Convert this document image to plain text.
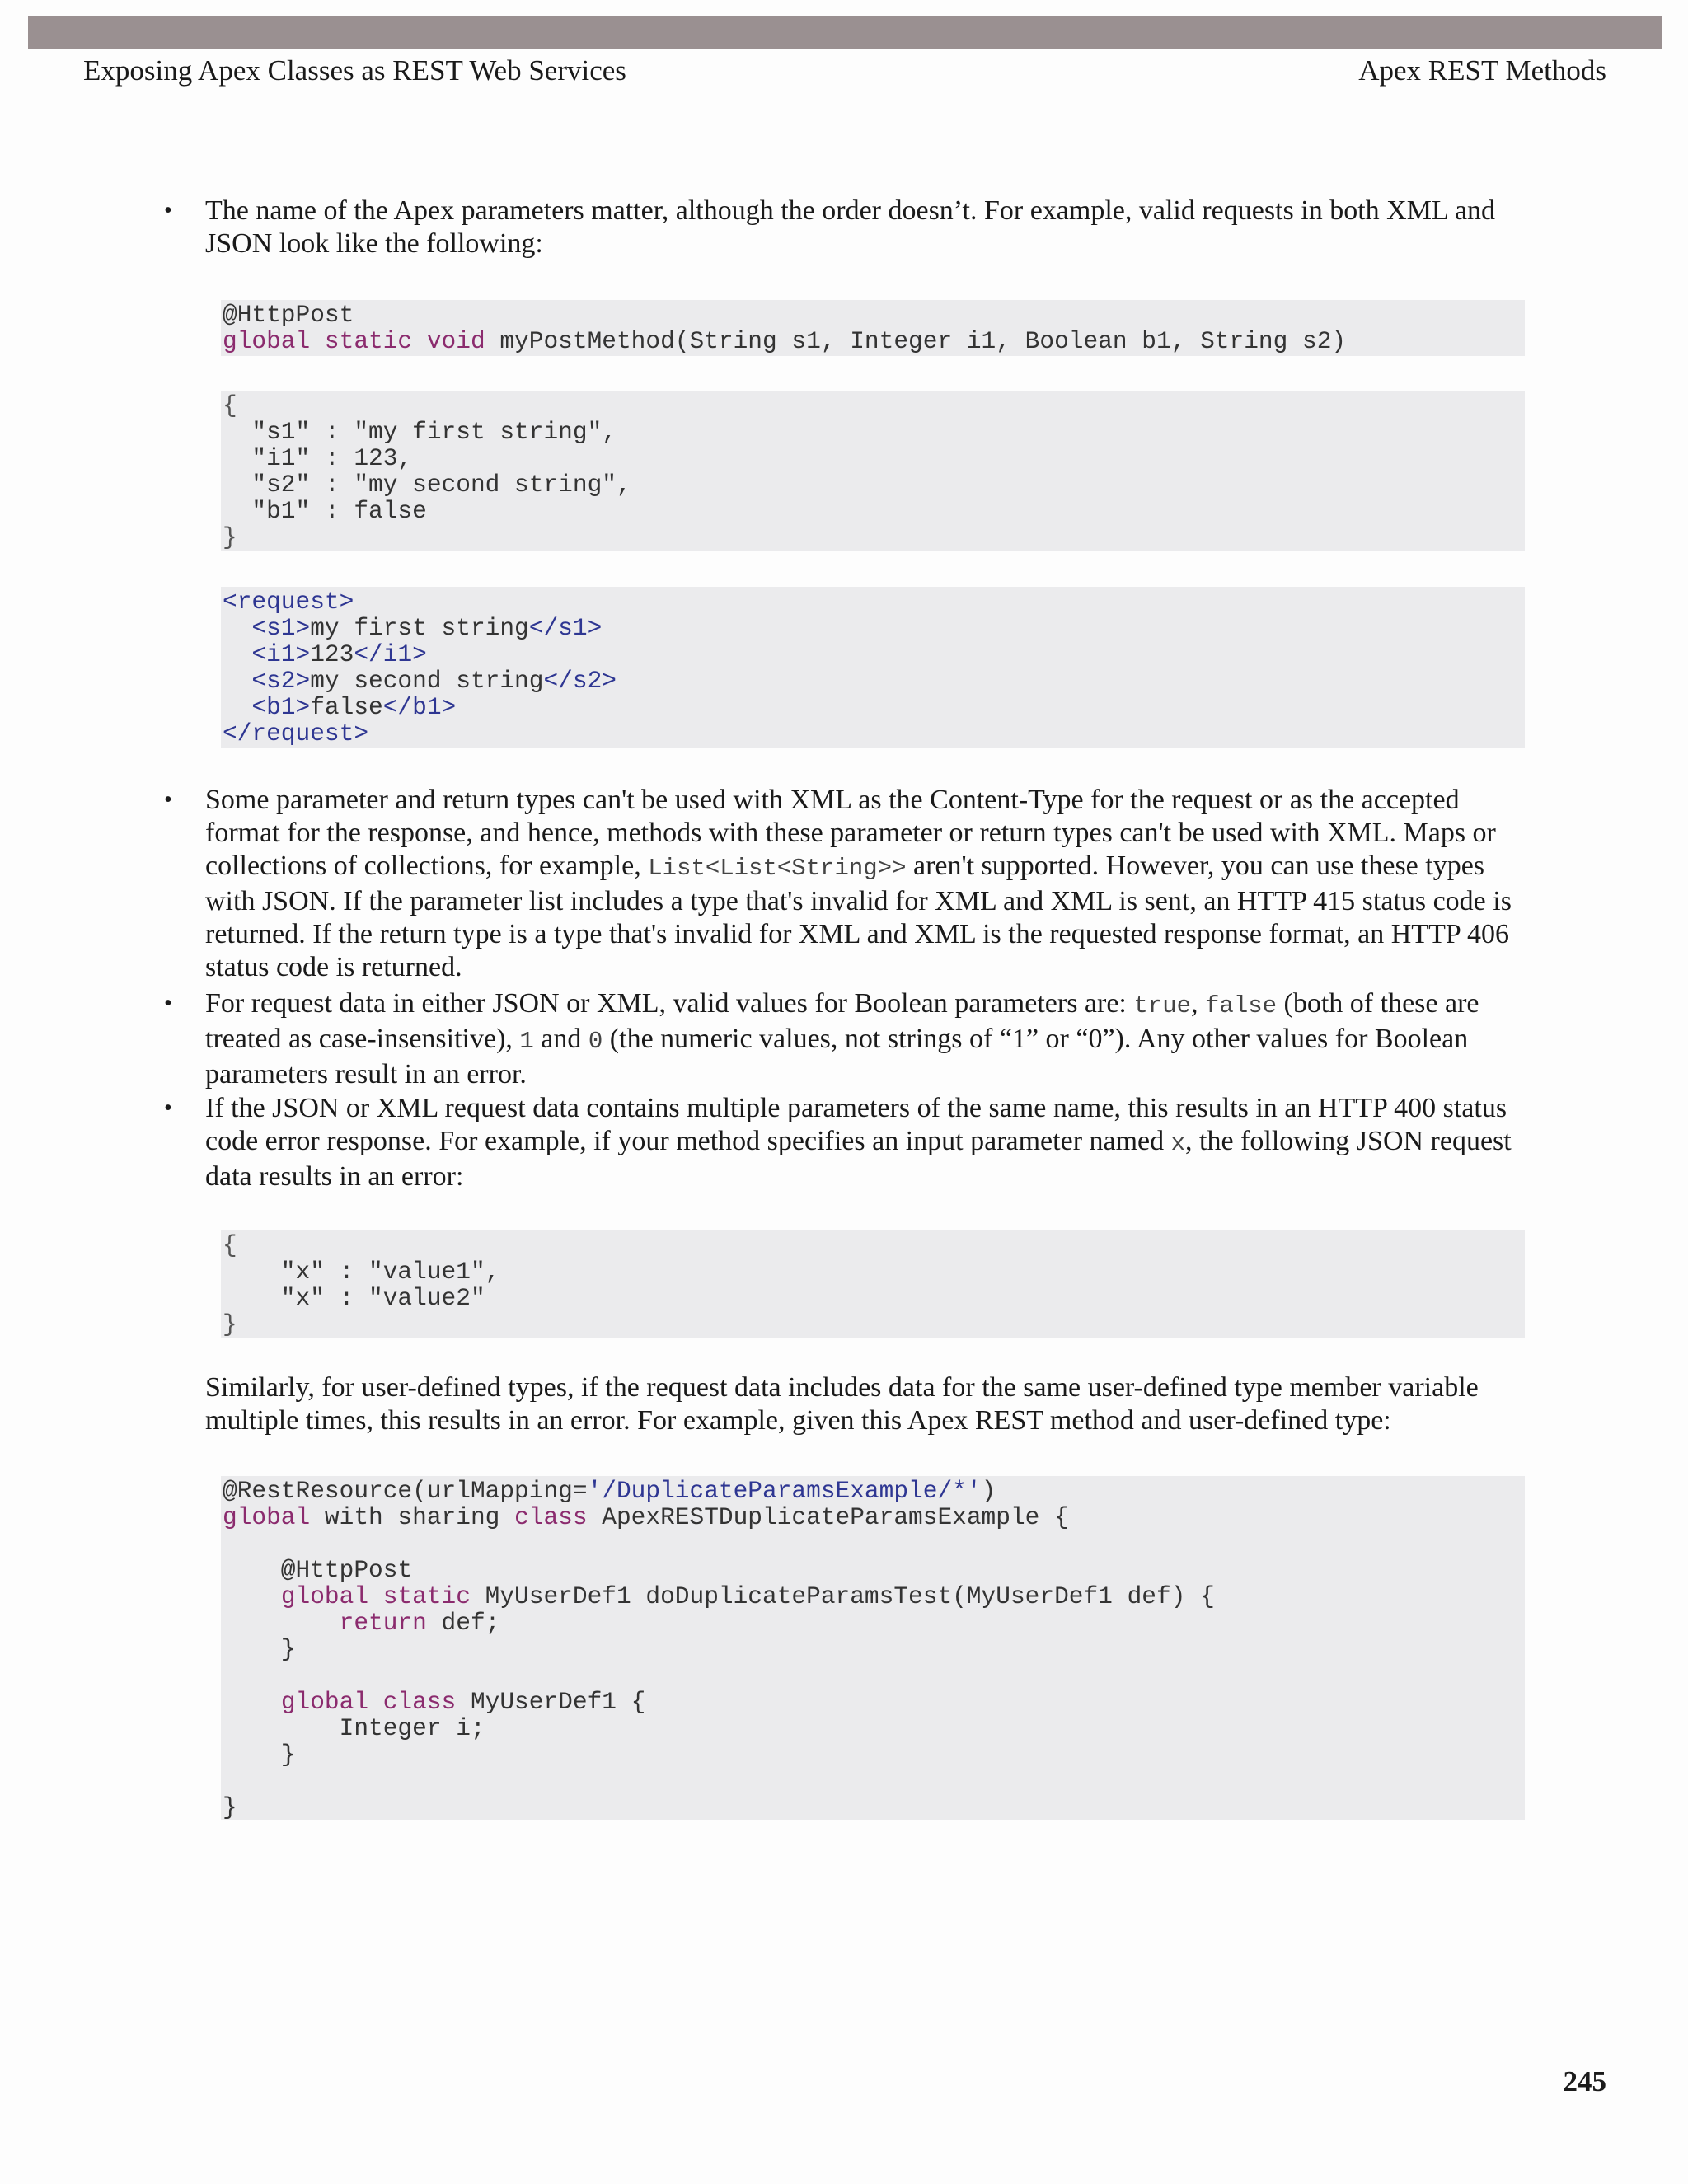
Exposing Apex Classes as REST Web Services	Apex REST Methods
• The name of the Apex parameters matter, although the order doesn’t. For example, valid requests in both XML and JSON look like the following:
@HttpPost
global static void myPostMethod(String s1, Integer i1, Boolean b1, String s2)
{
"s1" : "my first string",
"i1" : 123,
"s2" : "my second string",
"b1" : false
}
<request>
<s1>my first string</s1>
<i1>123</i1>
<s2>my second string</s2>
<b1>false</b1>
</request>
• Some parameter and return types can't be used with XML as the Content-Type for the request or as the accepted format for the response, and hence, methods with these parameter or return types can't be used with XML. Maps or collections of collections, for example, List<List<String>> aren't supported. However, you can use these types with JSON. If the parameter list includes a type that's invalid for XML and XML is sent, an HTTP 415 status code is returned. If the return type is a type that's invalid for XML and XML is the requested response format, an HTTP 406 status code is returned.
• For request data in either JSON or XML, valid values for Boolean parameters are: true, false (both of these are treated as case-insensitive), 1 and 0 (the numeric values, not strings of “1” or “0”). Any other values for Boolean parameters result in an error.
• If the JSON or XML request data contains multiple parameters of the same name, this results in an HTTP 400 status code error response. For example, if your method specifies an input parameter named x, the following JSON request data results in an error:
{
"x" : "value1",
"x" : "value2"
}
Similarly, for user-defined types, if the request data includes data for the same user-defined type member variable multiple times, this results in an error. For example, given this Apex REST method and user-defined type:
@RestResource(urlMapping='/DuplicateParamsExample/*')
global with sharing class ApexRESTDuplicateParamsExample {
@HttpPost
global static MyUserDef1 doDuplicateParamsTest(MyUserDef1 def) {
return def;
}
global class MyUserDef1 {
Integer i;
}
}
245
